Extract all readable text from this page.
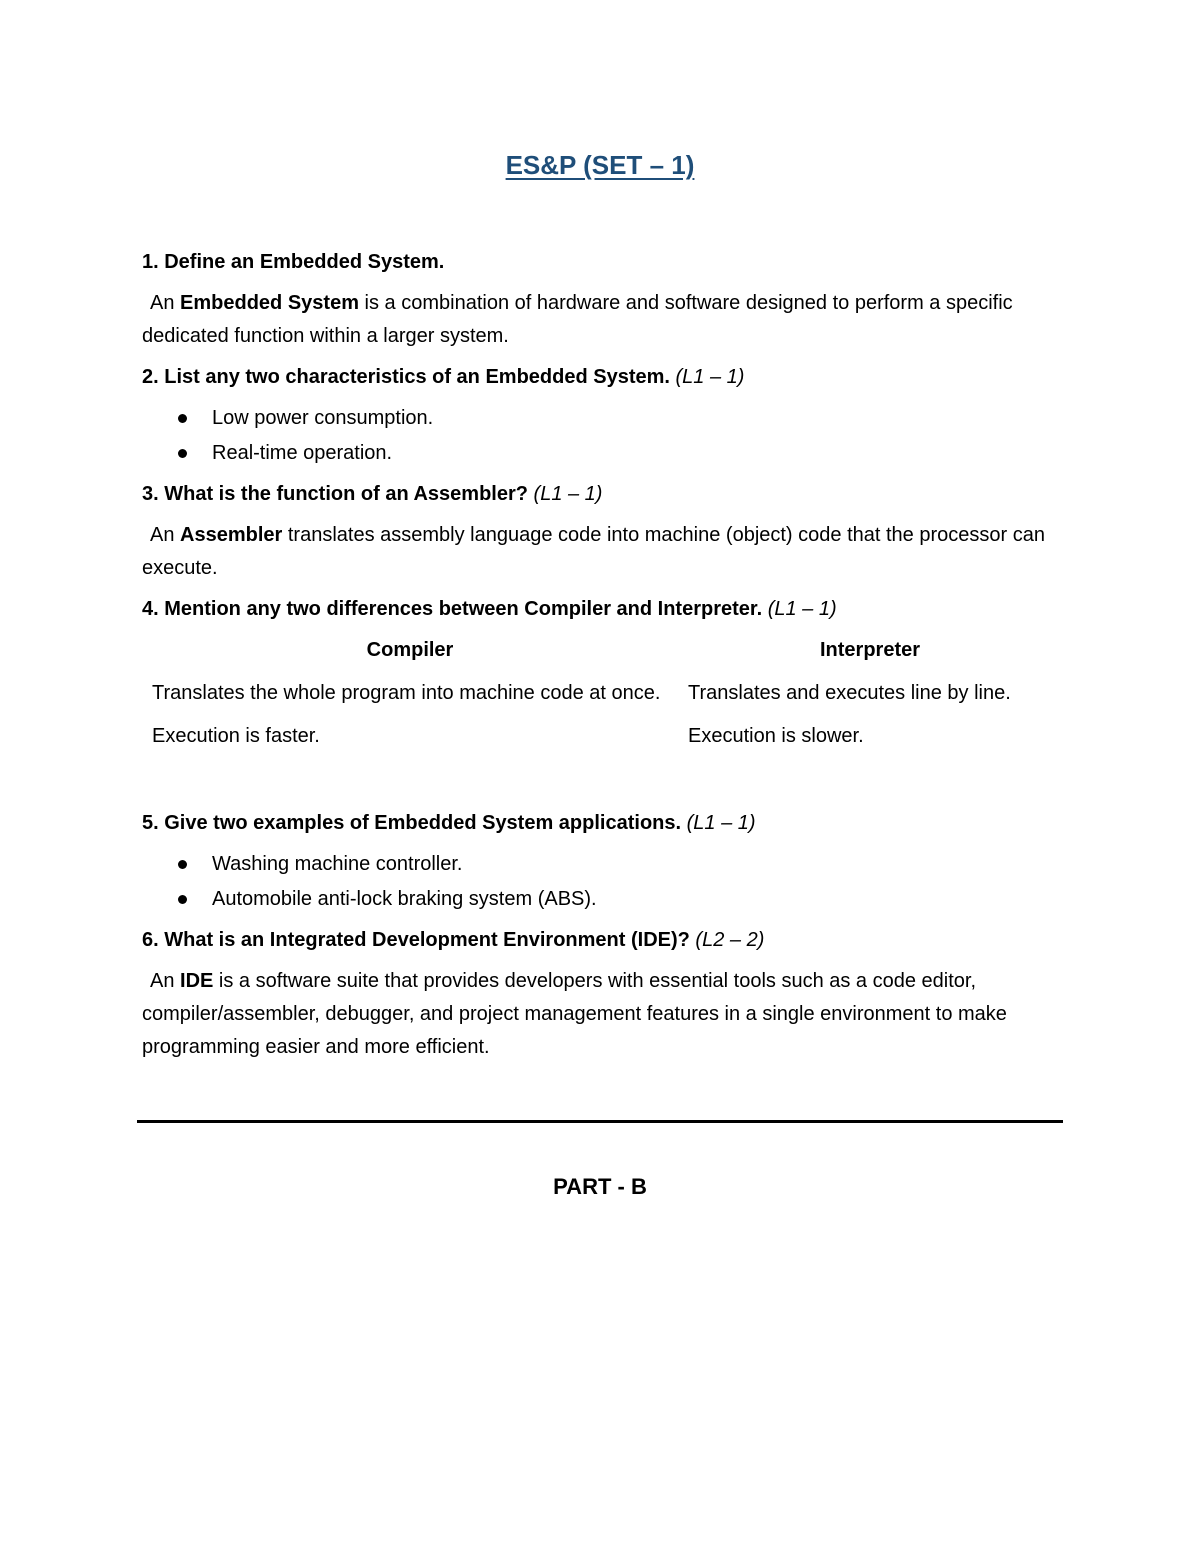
ES&P (SET – 1)
1. Define an Embedded System.
An Embedded System is a combination of hardware and software designed to perform a specific dedicated function within a larger system.
2. List any two characteristics of an Embedded System. (L1 – 1)
Low power consumption.
Real-time operation.
3. What is the function of an Assembler? (L1 – 1)
An Assembler translates assembly language code into machine (object) code that the processor can execute.
4. Mention any two differences between Compiler and Interpreter. (L1 – 1)
Compiler	Interpreter
Translates the whole program into machine code at once.	Translates and executes line by line.
Execution is faster.	Execution is slower.
5. Give two examples of Embedded System applications. (L1 – 1)
Washing machine controller.
Automobile anti-lock braking system (ABS).
6. What is an Integrated Development Environment (IDE)? (L2 – 2)
An IDE is a software suite that provides developers with essential tools such as a code editor, compiler/assembler, debugger, and project management features in a single environment to make programming easier and more efficient.
PART - B
